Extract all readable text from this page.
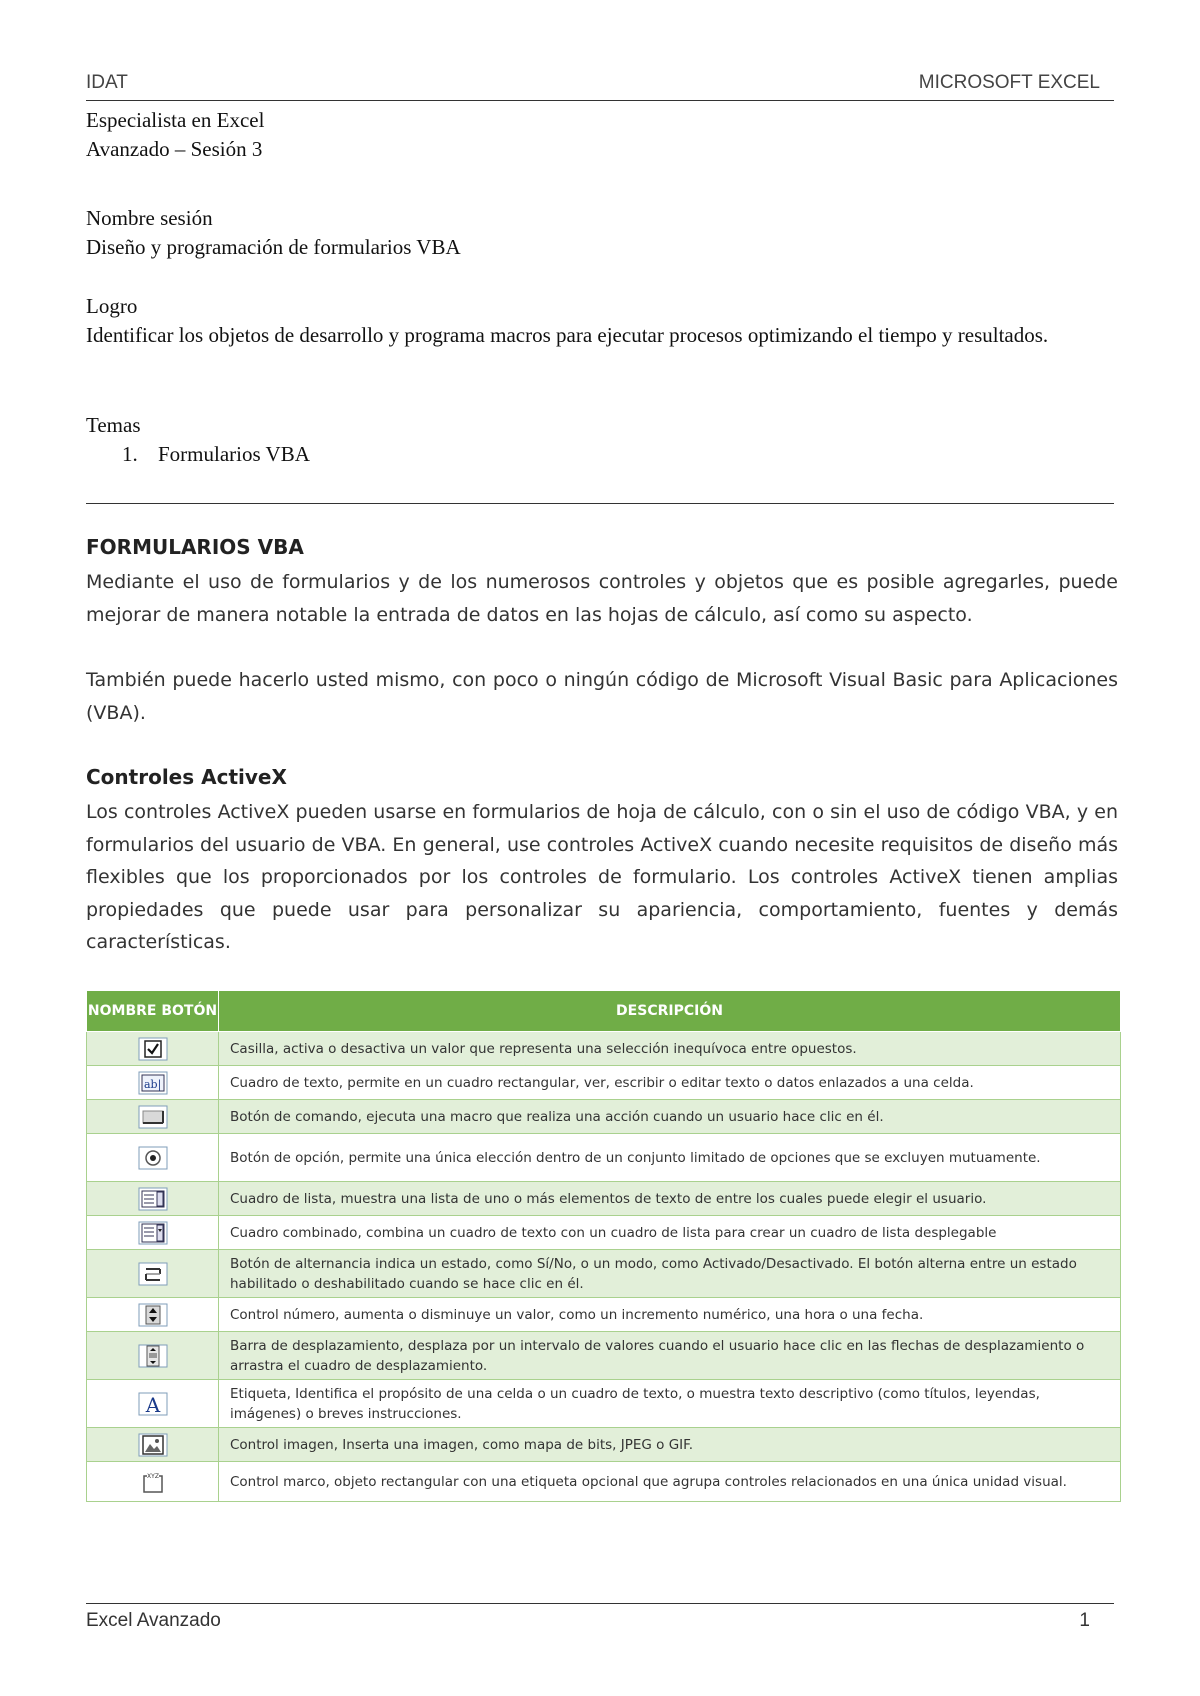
IDAT	MICROSOFT EXCEL
Especialista en Excel
Avanzado – Sesión 3
Nombre sesión
Diseño y programación de formularios VBA
Logro
Identificar los objetos de desarrollo y programa macros para ejecutar procesos optimizando el tiempo y resultados.
Temas
1. Formularios VBA
FORMULARIOS VBA
Mediante el uso de formularios y de los numerosos controles y objetos que es posible agregarles, puede mejorar de manera notable la entrada de datos en las hojas de cálculo, así como su aspecto.
También puede hacerlo usted mismo, con poco o ningún código de Microsoft Visual Basic para Aplicaciones (VBA).
Controles ActiveX
Los controles ActiveX pueden usarse en formularios de hoja de cálculo, con o sin el uso de código VBA, y en formularios del usuario de VBA. En general, use controles ActiveX cuando necesite requisitos de diseño más flexibles que los proporcionados por los controles de formulario. Los controles ActiveX tienen amplias propiedades que puede usar para personalizar su apariencia, comportamiento, fuentes y demás características.
NOMBRE BOTÓN	DESCRIPCIÓN

	Casilla, activa o desactiva un valor que representa una selección inequívoca entre opuestos.

ab|	Cuadro de texto, permite en un cuadro rectangular, ver, escribir o editar texto o datos enlazados a una celda.

	Botón de comando, ejecuta una macro que realiza una acción cuando un usuario hace clic en él.

	Botón de opción, permite una única elección dentro de un conjunto limitado de opciones que se excluyen mutuamente.

	Cuadro de lista, muestra una lista de uno o más elementos de texto de entre los cuales puede elegir el usuario.

	Cuadro combinado, combina un cuadro de texto con un cuadro de lista para crear un cuadro de lista desplegable

	Botón de alternancia indica un estado, como Sí/No, o un modo, como Activado/Desactivado. El botón alterna entre un estado habilitado o deshabilitado cuando se hace clic en él.

	Control número, aumenta o disminuye un valor, como un incremento numérico, una hora o una fecha.

	Barra de desplazamiento, desplaza por un intervalo de valores cuando el usuario hace clic en las flechas de desplazamiento o arrastra el cuadro de desplazamiento.

A	Etiqueta, Identifica el propósito de una celda o un cuadro de texto, o muestra texto descriptivo (como títulos, leyendas, imágenes) o breves instrucciones.

	Control imagen, Inserta una imagen, como mapa de bits, JPEG o GIF.

XYZ	Control marco, objeto rectangular con una etiqueta opcional que agrupa controles relacionados en una única unidad visual.
Excel Avanzado	1
